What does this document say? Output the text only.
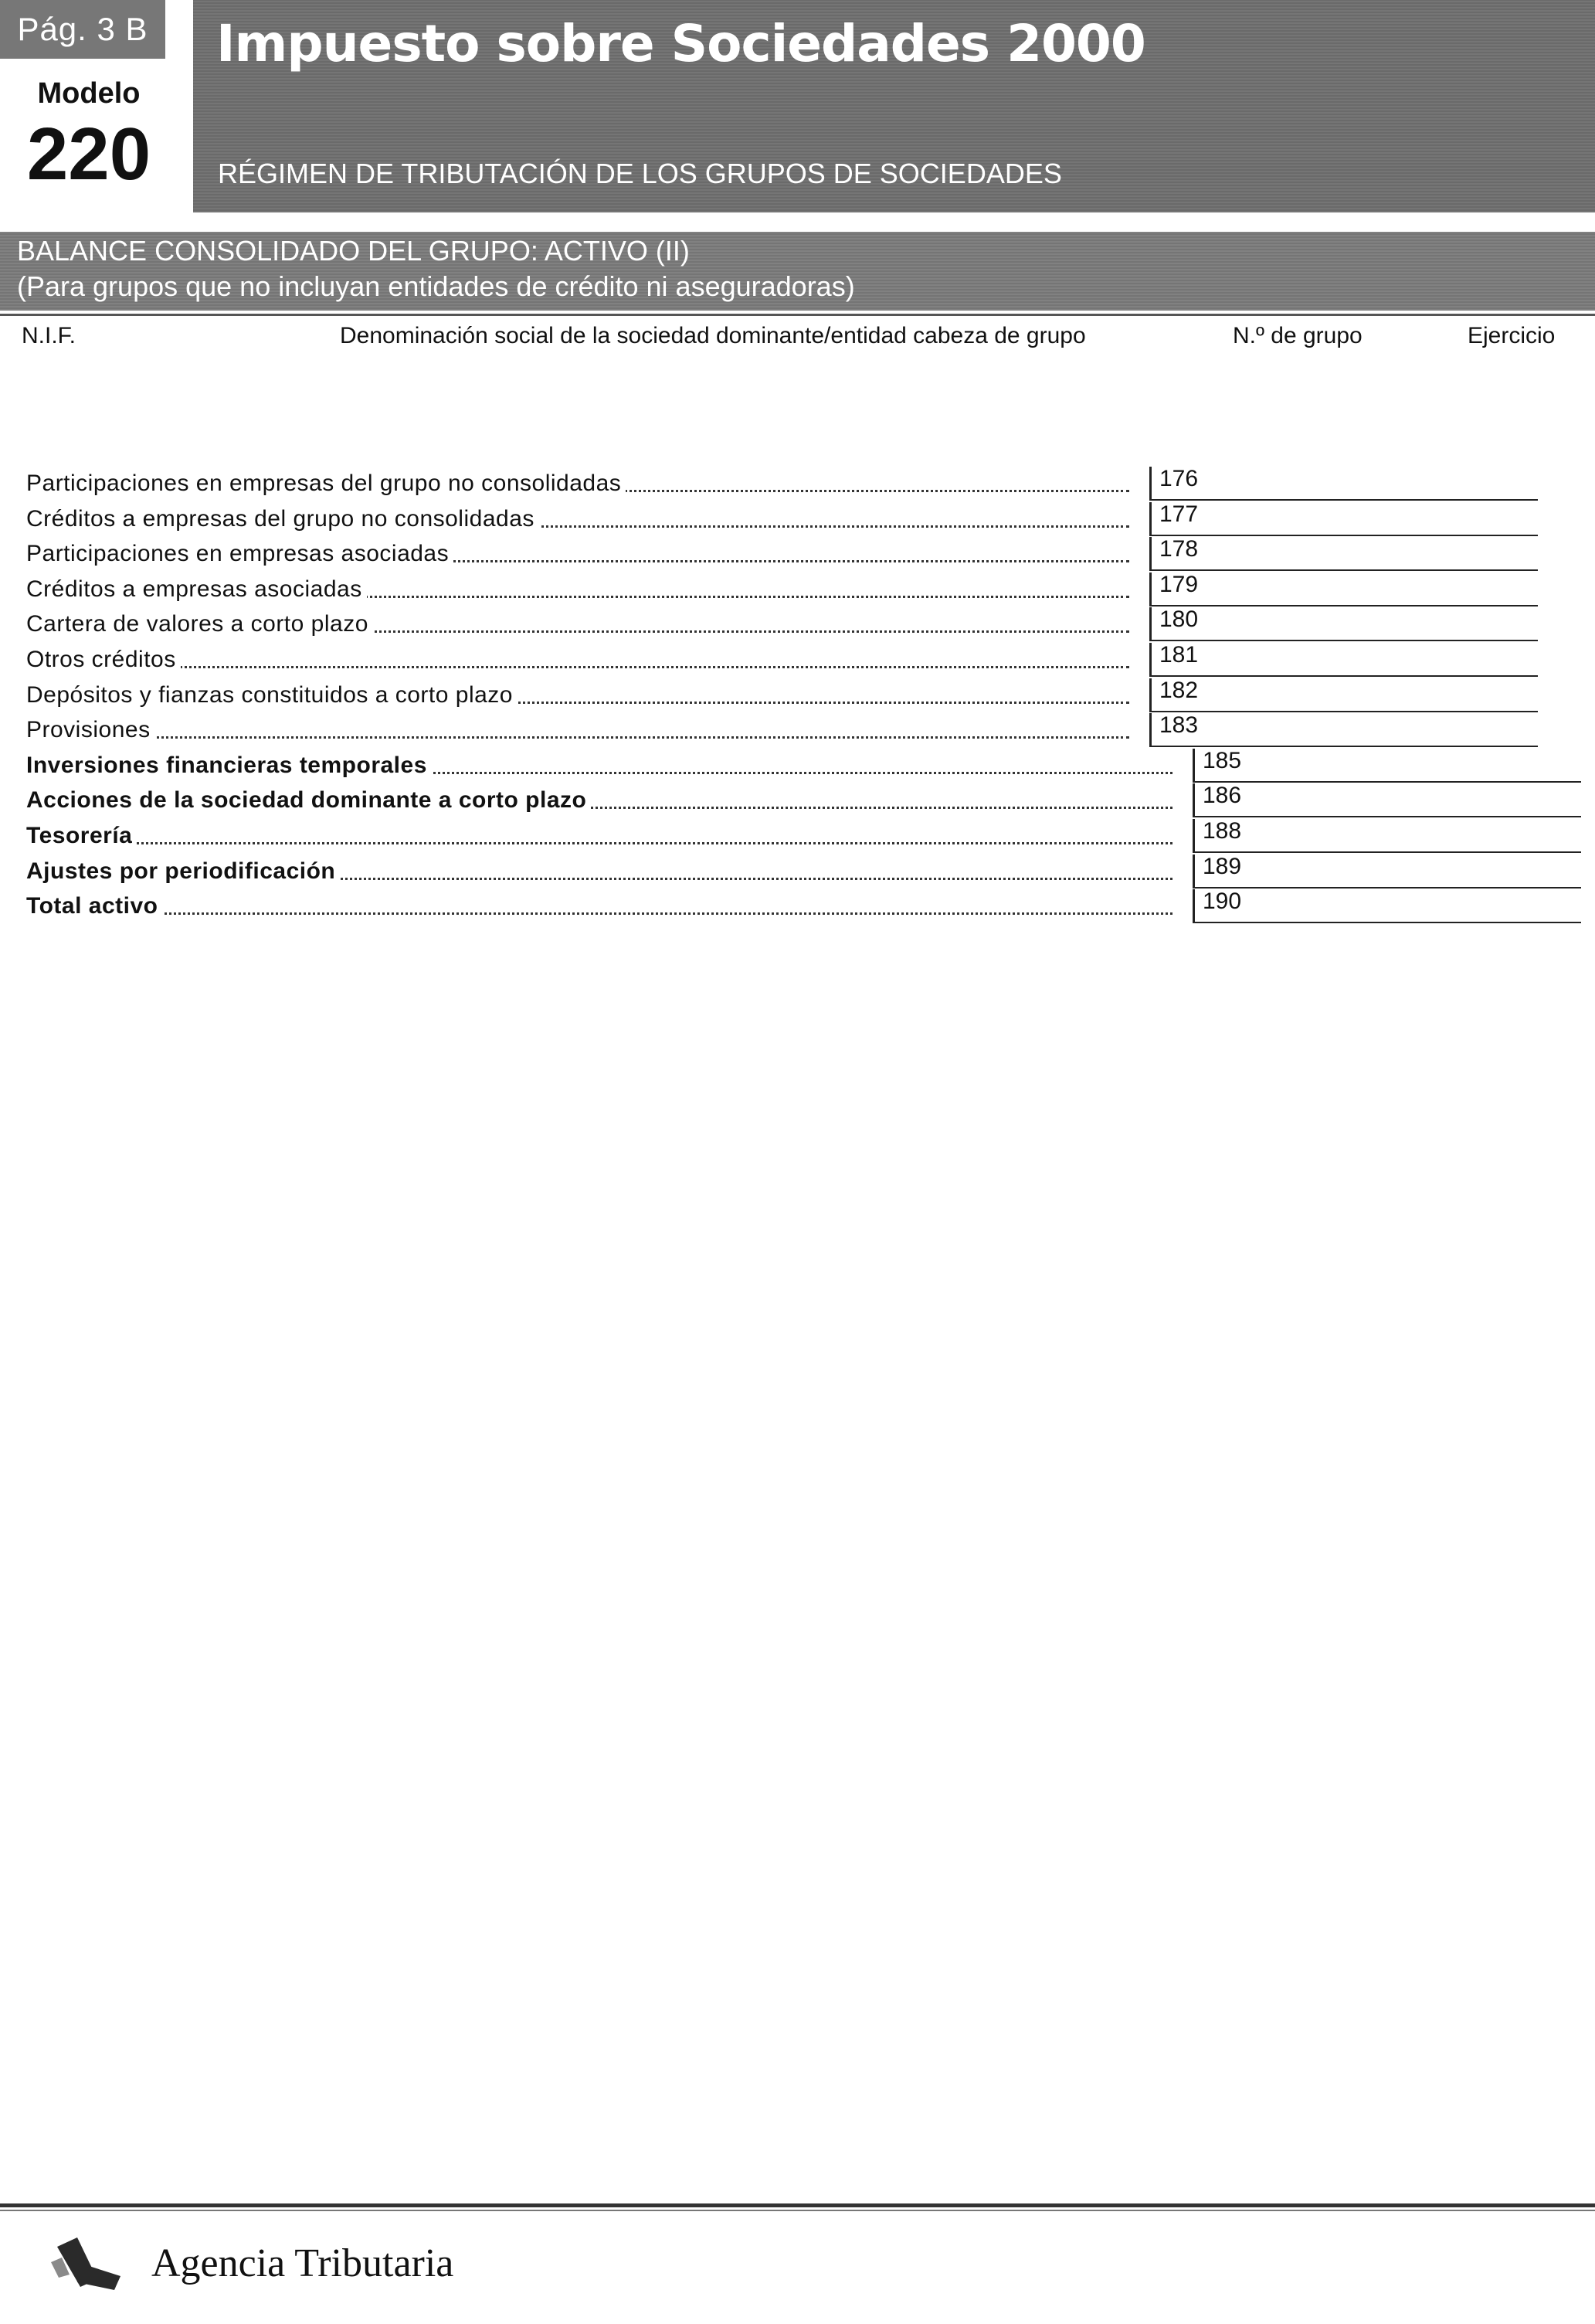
Pág. 3 B
Modelo
220
Impuesto sobre Sociedades 2000
RÉGIMEN DE TRIBUTACIÓN DE LOS GRUPOS DE SOCIEDADES
BALANCE CONSOLIDADO DEL GRUPO: ACTIVO (II)
(Para grupos que no incluyan entidades de crédito ni aseguradoras)
N.I.F.	Denominación social de la sociedad dominante/entidad cabeza de grupo	N.º de grupo	Ejercicio
Participaciones en empresas del grupo no consolidadas	176
Créditos a empresas del grupo no consolidadas	177
Participaciones en empresas asociadas	178
Créditos a empresas asociadas	179
Cartera de valores a corto plazo	180
Otros créditos	181
Depósitos y fianzas constituidos a corto plazo	182
Provisiones	183
Inversiones financieras temporales	185
Acciones de la sociedad dominante a corto plazo	186
Tesorería	188
Ajustes por periodificación	189
Total activo	190
Agencia Tributaria
